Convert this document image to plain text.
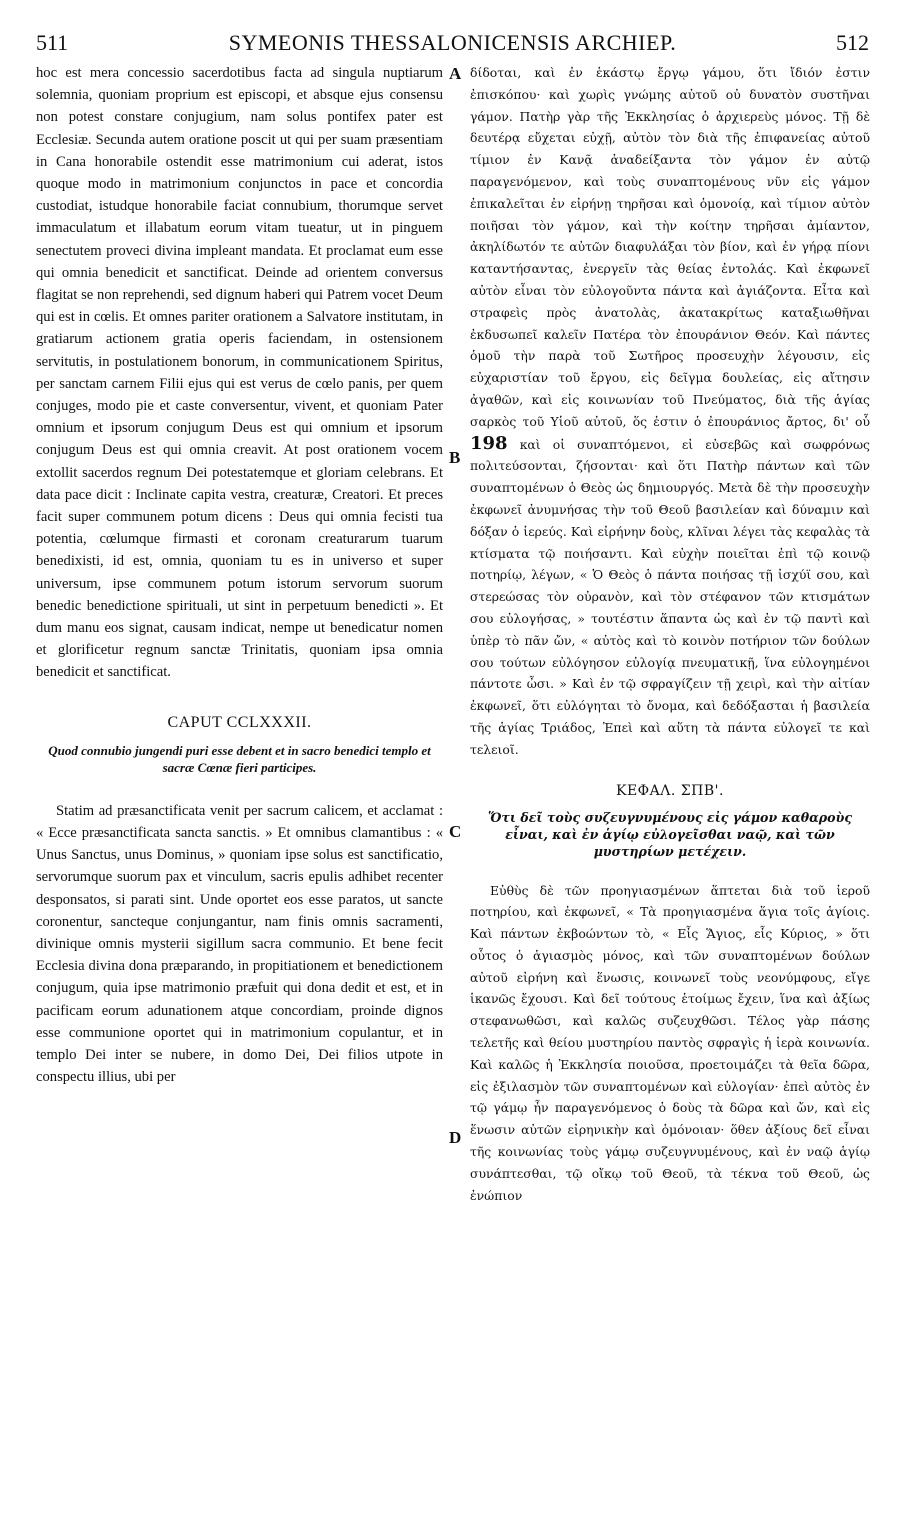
511	SYMEONIS THESSALONICENSIS ARCHIEP.	512

hoc est mera concessio sacerdotibus facta ad singula nuptiarum solemnia, quoniam proprium est episcopi, et absque ejus consensu non potest constare conjugium, nam solus pontifex pater est Ecclesiæ. Secunda autem oratione poscit ut qui per suam præsentiam in Cana honorabile ostendit esse matrimonium cui aderat, istos quoque modo in matrimonium conjunctos in pace et concordia custodiat, istudque honorabile faciat connubium, thorumque servet immaculatum et illabatum eorum vitam tueatur, ut in pinguem senectutem proveci divina impleant mandata. Et proclamat eum esse qui omnia benedicit et sanctificat. Deinde ad orientem conversus flagitat se non reprehendi, sed dignum haberi qui Patrem vocet Deum qui est in cœlis. Et omnes pariter orationem a Salvatore institutam, in gratiarum actionem gratia operis faciendam, in ostensionem servitutis, in postulationem bonorum, in communicationem Spiritus, per sanctam carnem Filii ejus qui est verus de cœlo panis, per quem conjuges, modo pie et caste conversentur, vivent, et quoniam Pater omnium et ipsorum conjugum Deus est qui omnium et ipsorum conjugum Deus est qui omnia creavit. At post orationem vocem extollit sacerdos regnum Dei potestatemque et gloriam celebrans. Et data pace dicit : Inclinate capita vestra, creaturæ, Creatori. Et preces facit super communem potum dicens : Deus qui omnia fecisti tua potentia, cœlumque firmasti et coronam creaturarum tuarum benedixisti, id est, omnia, quoniam tu es in universo et super universum, ipse communem potum istorum servorum suorum benedic benedictione spirituali, ut sint in perpetuum benedicti ». Et dum manu eos signat, causam indicat, nempe ut benedicatur nomen et glorificetur regnum sanctæ Trinitatis, quoniam ipsa omnia benedicit et sanctificat.

CAPUT CCLXXXII.
Quod connubio jungendi puri esse debent et in sacro benedici templo et sacræ Cœnæ fieri participes.

Statim ad præsanctificata venit per sacrum calicem, et acclamat : « Ecce præsanctificata sancta sanctis. » Et omnibus clamantibus : « Unus Sanctus, unus Dominus, » quoniam ipse solus est sanctificatio, servorumque suorum pax et vinculum, sacris epulis adhibet recenter desponsatos, si parati sint. Unde oportet eos esse paratos, ut sancte coronentur, sancteque conjungantur, nam finis omnis sacramenti, divinique omnis mysterii sigillum sacra communio. Et bene fecit Ecclesia divina dona præparando, in propitiationem et benedictionem conjugum, quia ipse matrimonio præfuit qui dona dedit et est, et in pacificam eorum adunationem atque concordiam, proinde dignos esse communione oportet qui in matrimonium copulantur, et in templo Dei inter se nubere, in domo Dei, Dei filios utpote in conspectu illius, ubi per

A
B
C
D

δίδοται, καὶ ἐν ἑκάστῳ ἔργῳ γάμου, ὅτι ἴδιόν ἐστιν ἐπισκόπου· καὶ χωρὶς γνώμης αὐτοῦ οὐ δυνατὸν συστῆναι γάμον. Πατὴρ γὰρ τῆς Ἐκκλησίας ὁ ἀρχιερεὺς μόνος. Τῇ δὲ δευτέρᾳ εὔχεται εὐχῇ, αὐτὸν τὸν διὰ τῆς ἐπιφανείας αὐτοῦ τίμιον ἐν Κανᾷ ἀναδείξαντα τὸν γάμον ἐν αὐτῷ παραγενόμενον, καὶ τοὺς συναπτομένους νῦν εἰς γάμον ἐπικαλεῖται ἐν εἰρήνῃ τηρῆσαι καὶ ὁμονοίᾳ, καὶ τίμιον αὐτὸν ποιῆσαι τὸν γάμον, καὶ τὴν κοίτην τηρῆσαι ἀμίαντον, ἀκηλίδωτόν τε αὐτῶν διαφυλάξαι τὸν βίον, καὶ ἐν γήρᾳ πίονι καταντήσαντας, ἐνεργεῖν τὰς θείας ἐντολάς. Καὶ ἐκφωνεῖ αὐτὸν εἶναι τὸν εὐλογοῦντα πάντα καὶ ἁγιάζοντα. Εἶτα καὶ στραφεὶς πρὸς ἀνατολὰς, ἀκατακρίτως καταξιωθῆναι ἐκδυσωπεῖ καλεῖν Πατέρα τὸν ἐπουράνιον Θεόν. Καὶ πάντες ὁμοῦ τὴν παρὰ τοῦ Σωτῆρος προσευχὴν λέγουσιν, εἰς εὐχαριστίαν τοῦ ἔργου, εἰς δεῖγμα δουλείας, εἰς αἴτησιν ἀγαθῶν, καὶ εἰς κοινωνίαν τοῦ Πνεύματος, διὰ τῆς ἁγίας σαρκὸς τοῦ Υἱοῦ αὐτοῦ, ὅς ἐστιν ὁ ἐπουράνιος ἄρτος, δι' οὗ 198 καὶ οἱ συναπτόμενοι, εἰ εὐσεβῶς καὶ σωφρόνως πολιτεύσονται, ζήσονται· καὶ ὅτι Πατὴρ πάντων καὶ τῶν συναπτομένων ὁ Θεὸς ὡς δημιουργός. Μετὰ δὲ τὴν προσευχὴν ἐκφωνεῖ ἀνυμνήσας τὴν τοῦ Θεοῦ βασιλείαν καὶ δύναμιν καὶ δόξαν ὁ ἱερεύς. Καὶ εἰρήνην δοὺς, κλῖναι λέγει τὰς κεφαλὰς τὰ κτίσματα τῷ ποιήσαντι. Καὶ εὐχὴν ποιεῖται ἐπὶ τῷ κοινῷ ποτηρίῳ, λέγων, « Ὁ Θεὸς ὁ πάντα ποιήσας τῇ ἰσχύϊ σου, καὶ στερεώσας τὸν οὐρανὸν, καὶ τὸν στέφανον τῶν κτισμάτων σου εὐλογήσας, » τουτέστιν ἅπαντα ὡς καὶ ἐν τῷ παντὶ καὶ ὑπὲρ τὸ πᾶν ὤν, « αὐτὸς καὶ τὸ κοινὸν ποτήριον τῶν δούλων σου τούτων εὐλόγησον εὐλογίᾳ πνευματικῇ, ἵνα εὐλογημένοι πάντοτε ὦσι. » Καὶ ἐν τῷ σφραγίζειν τῇ χειρὶ, καὶ τὴν αἰτίαν ἐκφωνεῖ, ὅτι εὐλόγηται τὸ ὄνομα, καὶ δεδόξασται ἡ βασιλεία τῆς ἁγίας Τριάδος, Ἐπεὶ καὶ αὕτη τὰ πάντα εὐλογεῖ τε καὶ τελειοῖ.

ΚΕΦΑΛ. ΣΠΒ'.
Ὅτι δεῖ τοὺς συζευγνυμένους εἰς γάμον καθαροὺς εἶναι, καὶ ἐν ἁγίῳ εὐλογεῖσθαι ναῷ, καὶ τῶν μυστηρίων μετέχειν.

Εὐθὺς δὲ τῶν προηγιασμένων ἅπτεται διὰ τοῦ ἱεροῦ ποτηρίου, καὶ ἐκφωνεῖ, « Τὰ προηγιασμένα ἅγια τοῖς ἁγίοις. Καὶ πάντων ἐκβοώντων τὸ, « Εἷς Ἅγιος, εἷς Κύριος, » ὅτι οὗτος ὁ ἁγιασμὸς μόνος, καὶ τῶν συναπτομένων δούλων αὐτοῦ εἰρήνη καὶ ἕνωσις, κοινωνεῖ τοὺς νεονύμφους, εἴγε ἱκανῶς ἔχουσι. Καὶ δεῖ τούτους ἑτοίμως ἔχειν, ἵνα καὶ ἀξίως στεφανωθῶσι, καὶ καλῶς συζευχθῶσι. Τέλος γὰρ πάσης τελετῆς καὶ θείου μυστηρίου παντὸς σφραγὶς ἡ ἱερὰ κοινωνία. Καὶ καλῶς ἡ Ἐκκλησία ποιοῦσα, προετοιμάζει τὰ θεῖα δῶρα, εἰς ἐξιλασμὸν τῶν συναπτομένων καὶ εὐλογίαν· ἐπεὶ αὐτὸς ἐν τῷ γάμῳ ἦν παραγενόμενος ὁ δοὺς τὰ δῶρα καὶ ὤν, καὶ εἰς ἕνωσιν αὐτῶν εἰρηνικὴν καὶ ὁμόνοιαν· ὅθεν ἀξίους δεῖ εἶναι τῆς κοινωνίας τοὺς γάμῳ συζευγνυμένους, καὶ ἐν ναῷ ἁγίῳ συνάπτεσθαι, τῷ οἴκῳ τοῦ Θεοῦ, τὰ τέκνα τοῦ Θεοῦ, ὡς ἐνώπιον
